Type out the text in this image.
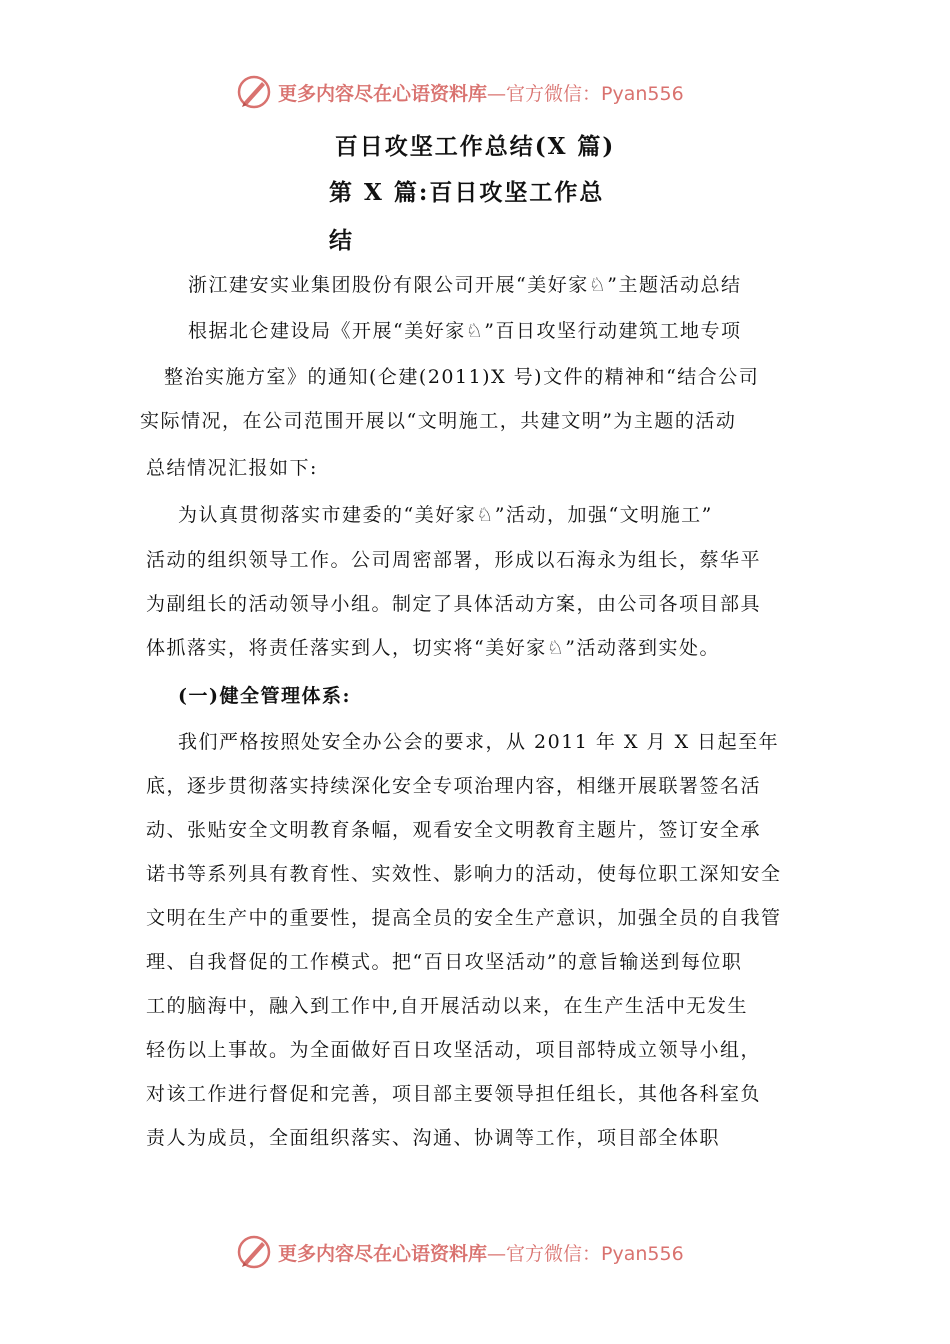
更多内容尽在心语资料库—官方微信：Pyan556
百日攻坚工作总结(X 篇)
第 X 篇:百日攻坚工作总
结

浙江建安实业集团股份有限公司开展“美好家♘”主题活动总结

根据北仑建设局《开展“美好家♘”百日攻坚行动建筑工地专项

整治实施方室》的通知(仑建(2011)X 号)文件的精神和“结合公司

实际情况，在公司范围开展以“文明施工，共建文明”为主题的活动

总结情况汇报如下:

为认真贯彻落实市建委的“美好家♘”活动，加强“文明施工”

活动的组织领导工作。公司周密部署，形成以石海永为组长，蔡华平

为副组长的活动领导小组。制定了具体活动方案，由公司各项目部具

体抓落实，将责任落实到人，切实将“美好家♘”活动落到实处。

(一)健全管理体系:

我们严格按照处安全办公会的要求，从 2011 年 X 月 X 日起至年

底，逐步贯彻落实持续深化安全专项治理内容，相继开展联署签名活

动、张贴安全文明教育条幅，观看安全文明教育主题片，签订安全承

诺书等系列具有教育性、实效性、影响力的活动，使每位职工深知安全

文明在生产中的重要性，提高全员的安全生产意识，加强全员的自我管

理、自我督促的工作模式。把“百日攻坚活动”的意旨输送到每位职

工的脑海中，融入到工作中,自开展活动以来，在生产生活中无发生

轻伤以上事故。为全面做好百日攻坚活动，项目部特成立领导小组，

对该工作进行督促和完善，项目部主要领导担任组长，其他各科室负

责人为成员，全面组织落实、沟通、协调等工作，项目部全体职

更多内容尽在心语资料库—官方微信：Pyan556
